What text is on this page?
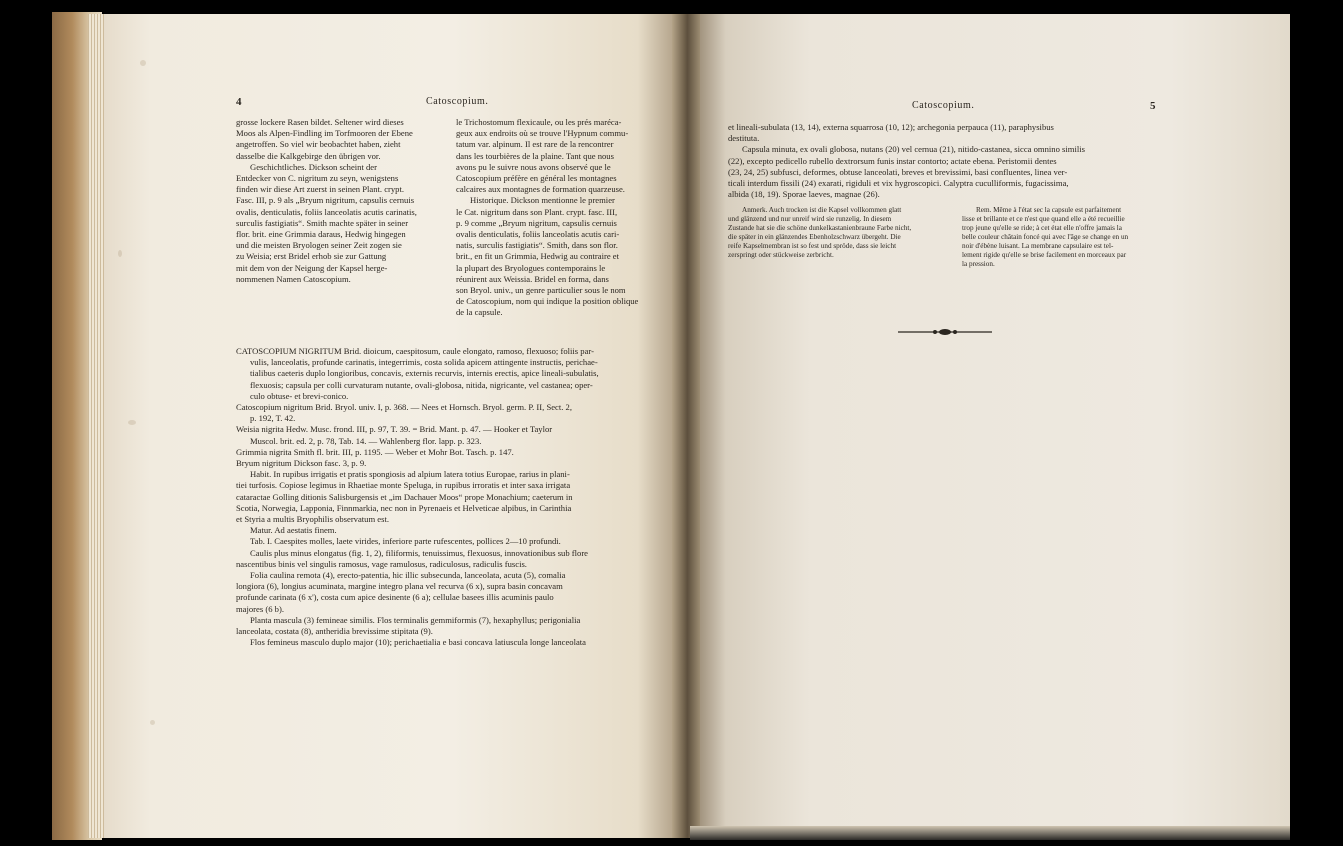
4	Catoscopium.
grosse lockere Rasen bildet. Seltener wird dieses
Moos als Alpen-Findling im Torfmooren der Ebene
angetroffen. So viel wir beobachtet haben, zieht
dasselbe die Kalkgebirge den übrigen vor.
Geschichtliches. Dickson scheint der
Entdecker von C. nigritum zu seyn, wenigstens
finden wir diese Art zuerst in seinen Plant. crypt.
Fasc. III, p. 9 als „Bryum nigritum, capsulis cernuis
ovalis, denticulatis, foliis lanceolatis acutis carinatis,
surculis fastigiatis“. Smith machte später in seiner
flor. brit. eine Grimmia daraus, Hedwig hingegen
und die meisten Bryologen seiner Zeit zogen sie
zu Weisia; erst Bridel erhob sie zur Gattung
mit dem von der Neigung der Kapsel herge-
nommenen Namen Catoscopium.
le Trichostomum flexicaule, ou les prés maréca-
geux aux endroits où se trouve l'Hypnum commu-
tatum var. alpinum. Il est rare de la rencontrer
dans les tourbières de la plaine. Tant que nous
avons pu le suivre nous avons observé que le
Catoscopium préfère en général les montagnes
calcaires aux montagnes de formation quarzeuse.
Historique. Dickson mentionne le premier
le Cat. nigritum dans son Plant. crypt. fasc. III,
p. 9 comme „Bryum nigritum, capsulis cernuis
ovalis denticulatis, foliis lanceolatis acutis cari-
natis, surculis fastigiatis“. Smith, dans son flor.
brit., en fit un Grimmia, Hedwig au contraire et
la plupart des Bryologues contemporains le
réunirent aux Weissia. Bridel en forma, dans
son Bryol. univ., un genre particulier sous le nom
de Catoscopium, nom qui indique la position oblique
de la capsule.
CATOSCOPIUM NIGRITUM Brid. dioicum, caespitosum, caule elongato, ramoso, flexuoso; foliis par-
vulis, lanceolatis, profunde carinatis, integerrimis, costa solida apicem attingente instructis, perichae-
tialibus caeteris duplo longioribus, concavis, externis recurvis, internis erectis, apice lineali-subulatis,
flexuosis; capsula per colli curvaturam nutante, ovali-globosa, nitida, nigricante, vel castanea; oper-
culo obtuse- et brevi-conico.
Catoscopium nigritum Brid. Bryol. univ. I, p. 368. — Nees et Hornsch. Bryol. germ. P. II, Sect. 2,
p. 192, T. 42.
Weisia nigrita Hedw. Musc. frond. III, p. 97, T. 39. = Brid. Mant. p. 47. — Hooker et Taylor
Muscol. brit. ed. 2, p. 78, Tab. 14. — Wahlenberg flor. lapp. p. 323.
Grimmia nigrita Smith fl. brit. III, p. 1195. — Weber et Mohr Bot. Tasch. p. 147.
Bryum nigritum Dickson fasc. 3, p. 9.
Habit. In rupibus irrigatis et pratis spongiosis ad alpium latera totius Europae, rarius in plani-
tiei turfosis. Copiose legimus in Rhaetiae monte Speluga, in rupibus irroratis et inter saxa irrigata
cataractae Golling ditionis Salisburgensis et „im Dachauer Moos“ prope Monachium; caeterum in
Scotia, Norwegia, Lapponia, Finnmarkia, nec non in Pyrenaeis et Helveticae alpibus, in Carinthia
et Styria a multis Bryophilis observatum est.
Matur. Ad aestatis finem.
Tab. I. Caespites molles, laete virides, inferiore parte rufescentes, pollices 2—10 profundi.
Caulis plus minus elongatus (fig. 1, 2), filiformis, tenuissimus, flexuosus, innovationibus sub flore
nascentibus binis vel singulis ramosus, vage ramulosus, radiculosus, radiculis fuscis.
Folia caulina remota (4), erecto-patentia, hic illic subsecunda, lanceolata, acuta (5), comalia
longiora (6), longius acuminata, margine integro plana vel recurva (6 x), supra basin concavam
profunde carinata (6 x'), costa cum apice desinente (6 a); cellulae basees illis acuminis paulo
majores (6 b).
Planta mascula (3) femineae similis. Flos terminalis gemmiformis (7), hexaphyllus; perigonialia
lanceolata, costata (8), antheridia brevissime stipitata (9).
Flos femineus masculo duplo major (10); perichaetialia e basi concava latiuscula longe lanceolata
Catoscopium.	5
et lineali-subulata (13, 14), externa squarrosa (10, 12); archegonia perpauca (11), paraphysibus
destituta.
Capsula minuta, ex ovali globosa, nutans (20) vel cernua (21), nitido-castanea, sicca omnino similis
(22), excepto pedicello rubello dextrorsum funis instar contorto; actate ebena. Peristomii dentes
(23, 24, 25) subfusci, deformes, obtuse lanceolati, breves et brevissimi, basi confluentes, linea ver-
ticali interdum fissili (24) exarati, rigiduli et vix hygroscopici. Calyptra cuculliformis, fugacissima,
albida (18, 19). Sporae laeves, magnae (26).
Anmerk. Auch trocken ist die Kapsel vollkommen glatt
und glänzend und nur unreif wird sie runzelig. In diesem
Zustande hat sie die schöne dunkelkastanienbraune Farbe nicht,
die später in ein glänzendes Ebenholzschwarz übergeht. Die
reife Kapselmembran ist so fest und spröde, dass sie leicht
zerspringt oder stückweise zerbricht.
Rem. Même à l'état sec la capsule est parfaitement
lisse et brillante et ce n'est que quand elle a été recueillie
trop jeune qu'elle se ride; à cet état elle n'offre jamais la
belle couleur châtain foncé qui avec l'âge se change en un
noir d'ébène luisant. La membrane capsulaire est tel-
lement rigide qu'elle se brise facilement en morceaux par
la pression.
